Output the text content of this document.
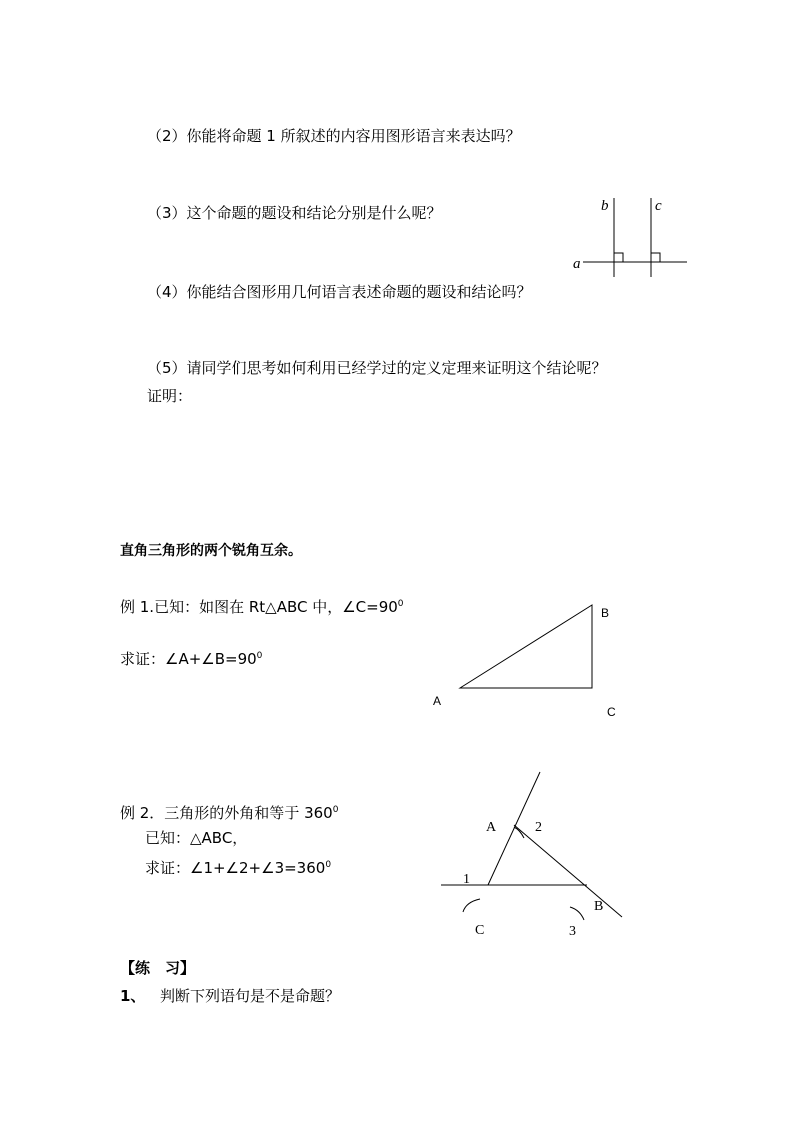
（2）你能将命题 1 所叙述的内容用图形语言来表达吗？
（3）这个命题的题设和结论分别是什么呢？
（4）你能结合图形用几何语言表述命题的题设和结论吗？
（5）请同学们思考如何利用已经学过的定义定理来证明这个结论呢？
证明：
a
b	c
直角三角形的两个锐角互余。
例 1.已知：如图在 Rt△ABC 中，$\angle C=90^0$
求证：$\angle A+\angle B=90^0$
A
B
C
例 2．三角形的外角和等于 $360^0$
已知：△ABC，
求证：$\angle 1+\angle 2+\angle 3=360^0$
A	2
1
B
C	3
【练　习】
1、 判断下列语句是不是命题？
